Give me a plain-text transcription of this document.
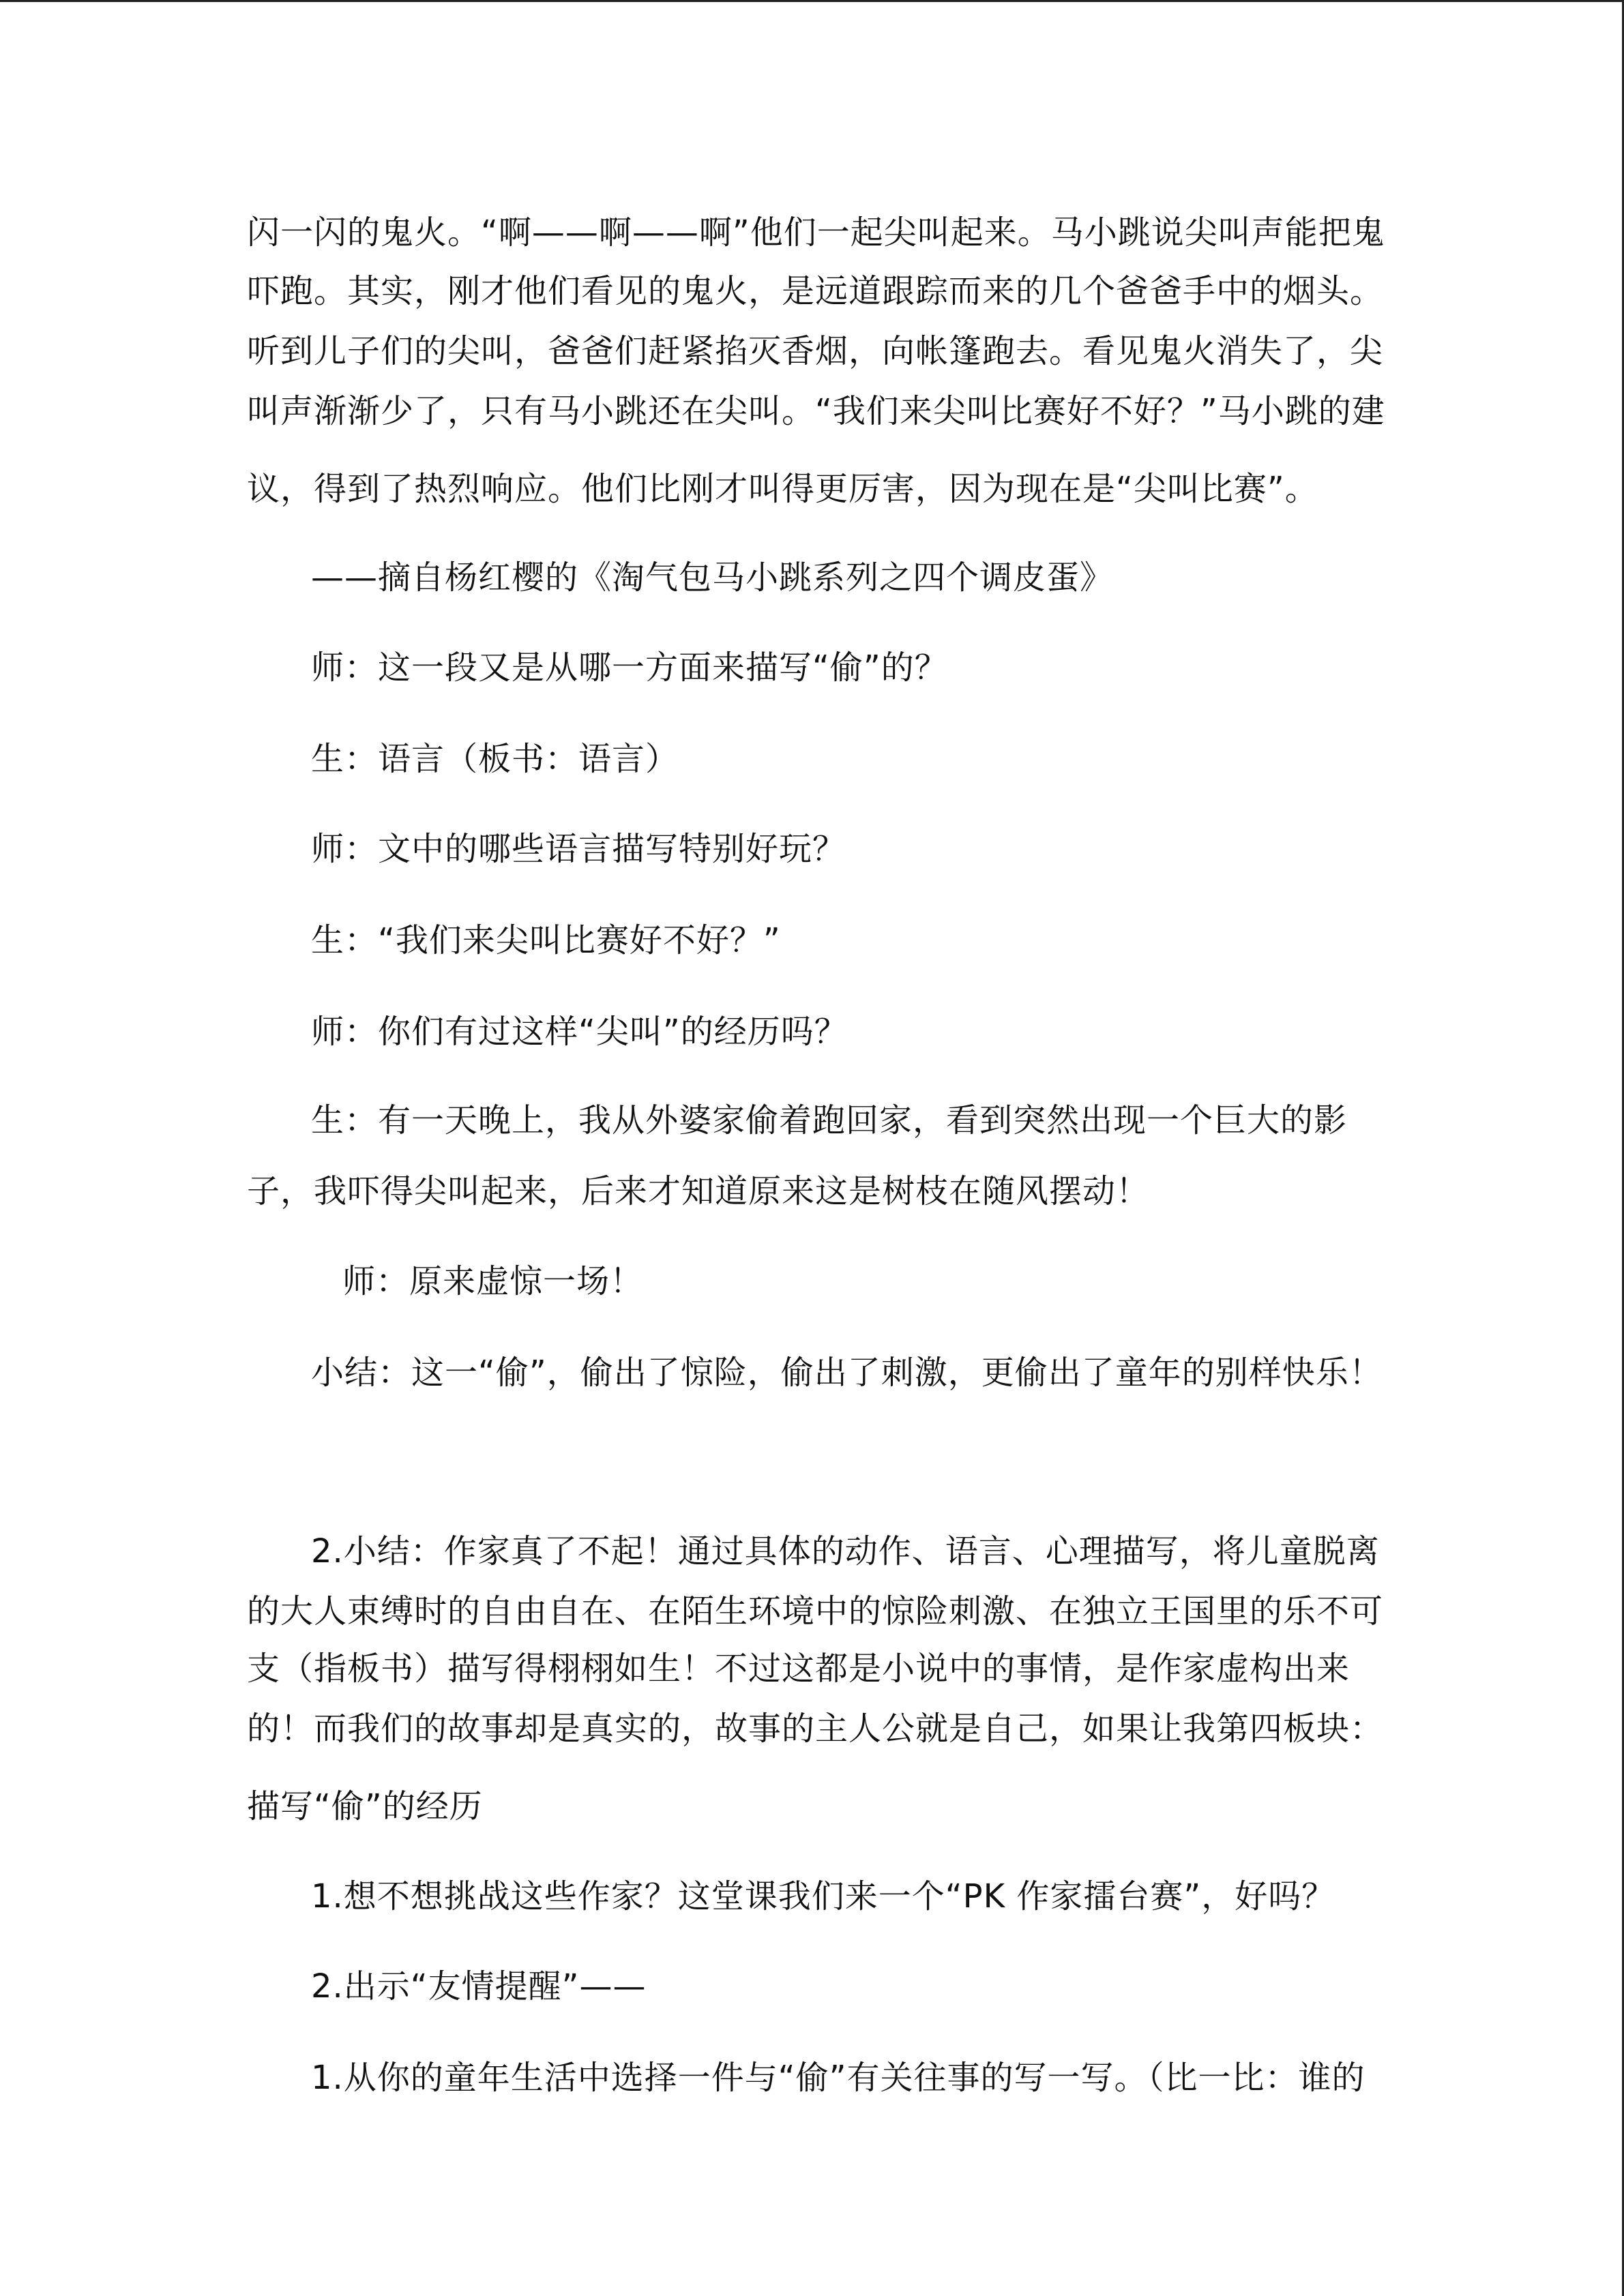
闪一闪的鬼火。“啊——啊——啊”他们一起尖叫起来。马小跳说尖叫声能把鬼
吓跑。其实，刚才他们看见的鬼火，是远道跟踪而来的几个爸爸手中的烟头。
听到儿子们的尖叫，爸爸们赶紧掐灭香烟，向帐篷跑去。看见鬼火消失了，尖
叫声渐渐少了，只有马小跳还在尖叫。“我们来尖叫比赛好不好？”马小跳的建
议，得到了热烈响应。他们比刚才叫得更厉害，因为现在是“尖叫比赛”。
——摘自杨红樱的《淘气包马小跳系列之四个调皮蛋》
师：这一段又是从哪一方面来描写“偷”的？
生：语言（板书：语言）
师：文中的哪些语言描写特别好玩？
生：“我们来尖叫比赛好不好？”
师：你们有过这样“尖叫”的经历吗？
生：有一天晚上，我从外婆家偷着跑回家，看到突然出现一个巨大的影
子，我吓得尖叫起来，后来才知道原来这是树枝在随风摆动！
师：原来虚惊一场！
小结：这一“偷”，偷出了惊险，偷出了刺激，更偷出了童年的别样快乐！
2.小结：作家真了不起！通过具体的动作、语言、心理描写，将儿童脱离
的大人束缚时的自由自在、在陌生环境中的惊险刺激、在独立王国里的乐不可
支（指板书）描写得栩栩如生！不过这都是小说中的事情，是作家虚构出来
的！而我们的故事却是真实的，故事的主人公就是自己，如果让我第四板块：
描写“偷”的经历
1.想不想挑战这些作家？这堂课我们来一个“PK 作家擂台赛”，好吗？
2.出示“友情提醒”——
1.从你的童年生活中选择一件与“偷”有关往事的写一写。（比一比：谁的
